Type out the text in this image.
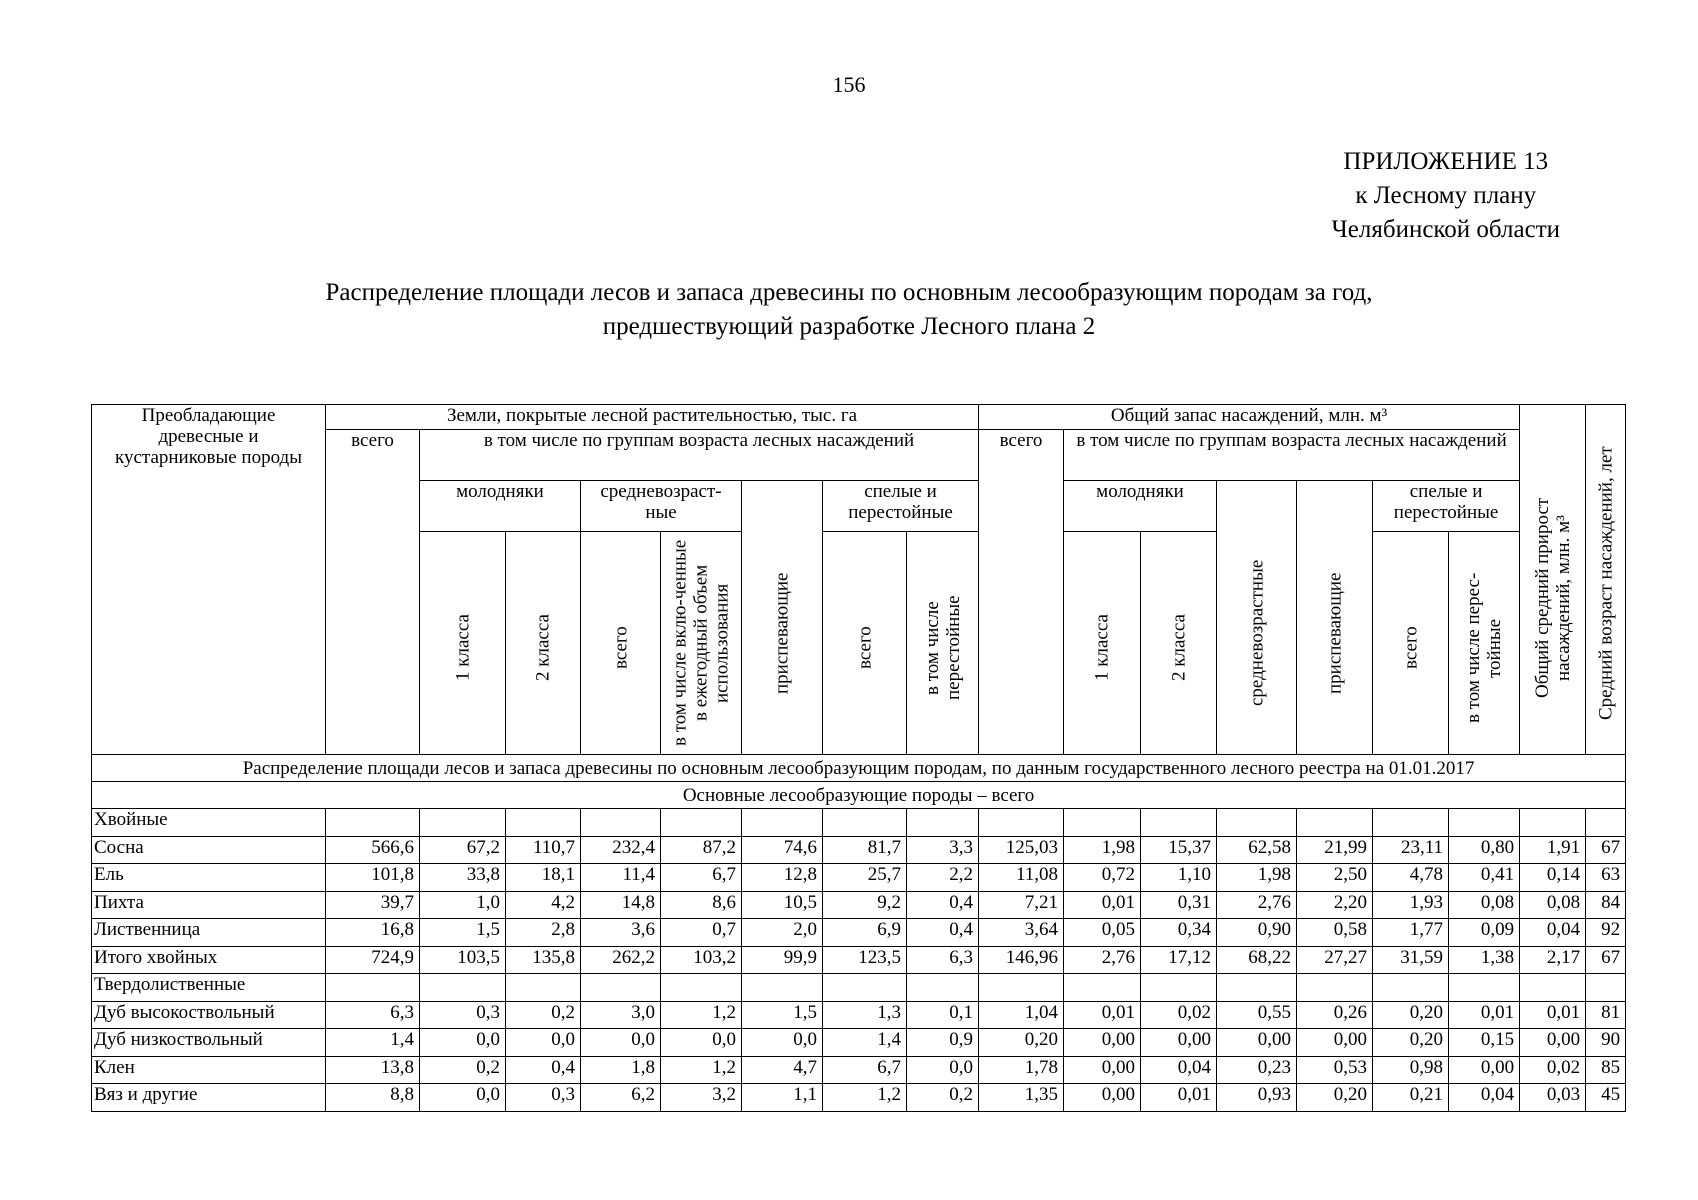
156
ПРИЛОЖЕНИЕ 13
к Лесному плану
Челябинской области
Распределение площади лесов и запаса древесины по основным лесообразующим породам за год,
предшествующий разработке Лесного плана 2
Преобладающие древесные и кустарниковые породы	Земли, покрытые лесной растительностью, тыс. га								Общий запас насаждений, млн. м³							Общий средний прирост насаждений, млн. м³	Средний возраст насаждений, лет

	всего	в том числе по группам возраста лесных насаждений							всего	в том числе по группам возраста лесных насаждений							
		молодняки		средневозраст-ные		приспевающие	спелые и перестойные			молодняки		средневозрастные	приспевающие	спелые и перестойные			

		1 класса	2 класса	всего	в том числе вклю-ченные в ежегодный объем использования		всего	в том числе перестойные		1 класса	2 класса			всего	в том числе перес-тойные		

Распределение площади лесов и запаса древесины по основным лесообразующим породам, по данным государственного лесного реестра на 01.01.2017																	
Основные лесообразующие породы – всего																	
Хвойные																	
Сосна	566,6	67,2	110,7	232,4	87,2	74,6	81,7	3,3	125,03	1,98	15,37	62,58	21,99	23,11	0,80	1,91	67
Ель	101,8	33,8	18,1	11,4	6,7	12,8	25,7	2,2	11,08	0,72	1,10	1,98	2,50	4,78	0,41	0,14	63
Пихта	39,7	1,0	4,2	14,8	8,6	10,5	9,2	0,4	7,21	0,01	0,31	2,76	2,20	1,93	0,08	0,08	84
Лиственница	16,8	1,5	2,8	3,6	0,7	2,0	6,9	0,4	3,64	0,05	0,34	0,90	0,58	1,77	0,09	0,04	92
Итого хвойных	724,9	103,5	135,8	262,2	103,2	99,9	123,5	6,3	146,96	2,76	17,12	68,22	27,27	31,59	1,38	2,17	67
Твердолиственные																	
Дуб высокоствольный	6,3	0,3	0,2	3,0	1,2	1,5	1,3	0,1	1,04	0,01	0,02	0,55	0,26	0,20	0,01	0,01	81
Дуб низкоствольный	1,4	0,0	0,0	0,0	0,0	0,0	1,4	0,9	0,20	0,00	0,00	0,00	0,00	0,20	0,15	0,00	90
Клен	13,8	0,2	0,4	1,8	1,2	4,7	6,7	0,0	1,78	0,00	0,04	0,23	0,53	0,98	0,00	0,02	85
Вяз и другие	8,8	0,0	0,3	6,2	3,2	1,1	1,2	0,2	1,35	0,00	0,01	0,93	0,20	0,21	0,04	0,03	45
